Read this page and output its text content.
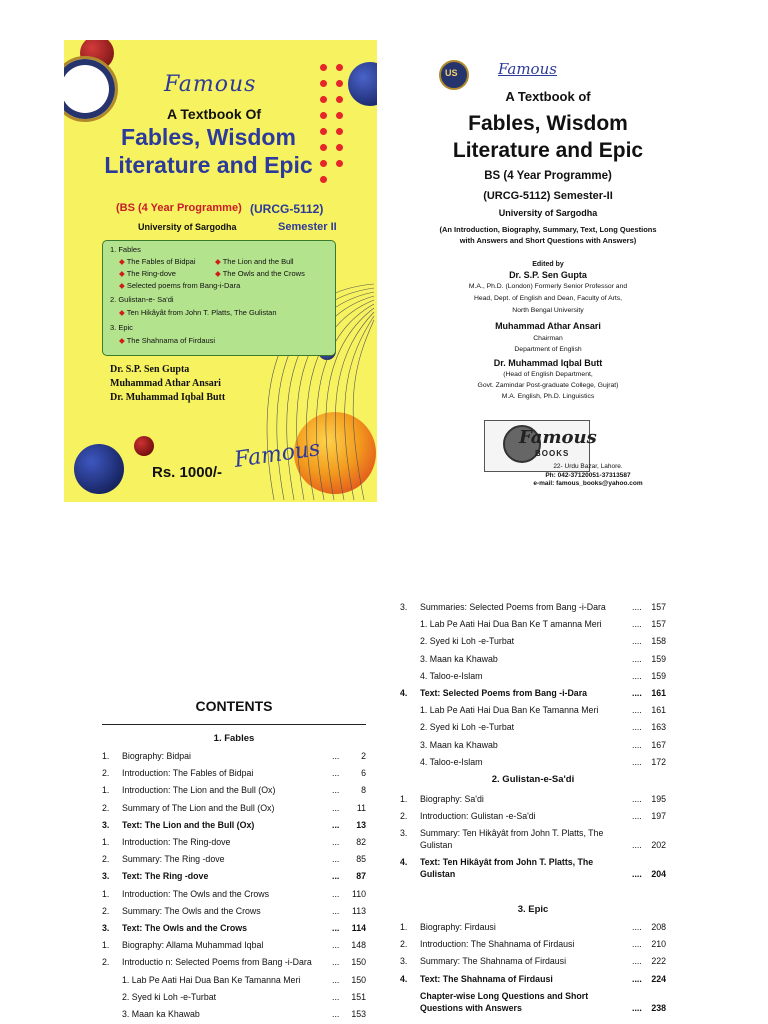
Famous
A Textbook Of
Fables, Wisdom
Literature and Epic
(BS (4 Year Programme) (URCG-5112)
University of Sargodha	Semester II
1. Fables
◆ The Fables of Bidpai	◆ The Lion and the Bull
◆ The Ring-dove	◆ The Owls and the Crows
◆ Selected poems from Bang-i-Dara
2. Gulistan-e- Sa'di
◆ Ten Hikâyât from John T. Platts, The Gulistan
3. Epic
◆ The Shahnama of Firdausi
Dr. S.P. Sen Gupta
Muhammad Athar Ansari
Dr. Muhammad Iqbal Butt
Famous
Rs. 1000/-
US	Famous
A Textbook of
Fables, Wisdom
Literature and Epic
BS (4 Year Programme)
(URCG-5112) Semester-II
University of Sargodha
(An Introduction, Biography, Summary, Text, Long Questions
with Answers and Short Questions with Answers)
Edited by
Dr. S.P. Sen Gupta
M.A., Ph.D. (London) Formerly Senior Professor and
Head, Dept. of English and Dean, Faculty of Arts,
North Bengal University
Muhammad Athar Ansari
Chairman
Department of English
Dr. Muhammad Iqbal Butt
(Head of English Department,
Govt. Zamindar Post-graduate College, Gujrat)
M.A. English, Ph.D. Linguistics
Famous
BOOKS
22- Urdu Bazar, Lahore.
Ph: 042-37120051-37313587
e-mail: famous_books@yahoo.com
CONTENTS
1. Fables
1. Biography: Bidpai	...	2
2. Introduction: The Fables of Bidpai	...	6
1. Introduction: The Lion and the Bull (Ox)	...	8
2. Summary of The Lion and the Bull (Ox)	...	11
3. Text: The Lion and the Bull (Ox)	...	13
1. Introduction: The Ring-dove	...	82
2. Summary: The Ring -dove	...	85
3. Text: The Ring -dove	...	87
1. Introduction: The Owls and the Crows	...	110
2. Summary: The Owls and the Crows	...	113
3. Text: The Owls and the Crows	...	114
1. Biography: Allama Muhammad Iqbal	...	148
2. Introductio n: Selected Poems from Bang -i-Dara ...	150
1. Lab Pe Aati Hai Dua Ban Ke Tamanna Meri	...	150
2. Syed ki Loh -e-Turbat	...	151
3. Maan ka Khawab	...	153
3. Summaries: Selected Poems from Bang -i-Dara	....	157
1. Lab Pe Aati Hai Dua Ban Ke T amanna Meri	....	157
2. Syed ki Loh -e-Turbat	....	158
3. Maan ka Khawab	....	159
4. Taloo-e-Islam	....	159
4. Text: Selected Poems from Bang -i-Dara	....	161
1. Lab Pe Aati Hai Dua Ban Ke Tamanna Meri	....	161
2. Syed ki Loh -e-Turbat	....	163
3. Maan ka Khawab	....	167
4. Taloo-e-Islam	....	172
2. Gulistan-e-Sa'di
1. Biography: Sa'di	....	195
2. Introduction: Gulistan -e-Sa'di	....	197
3. Summary: Ten Hikâyât from John T. Platts, The
Gulistan	....	202
4. Text: Ten Hikâyât from John T. Platts, The
Gulistan	....	204
3. Epic
1. Biography: Firdausi	....	208
2. Introduction: The Shahnama of Firdausi	....	210
3. Summary: The Shahnama of Firdausi	....	222
4. Text: The Shahnama of Firdausi	....	224
Chapter-wise Long Questions and Short
Questions with Answers	....	238
